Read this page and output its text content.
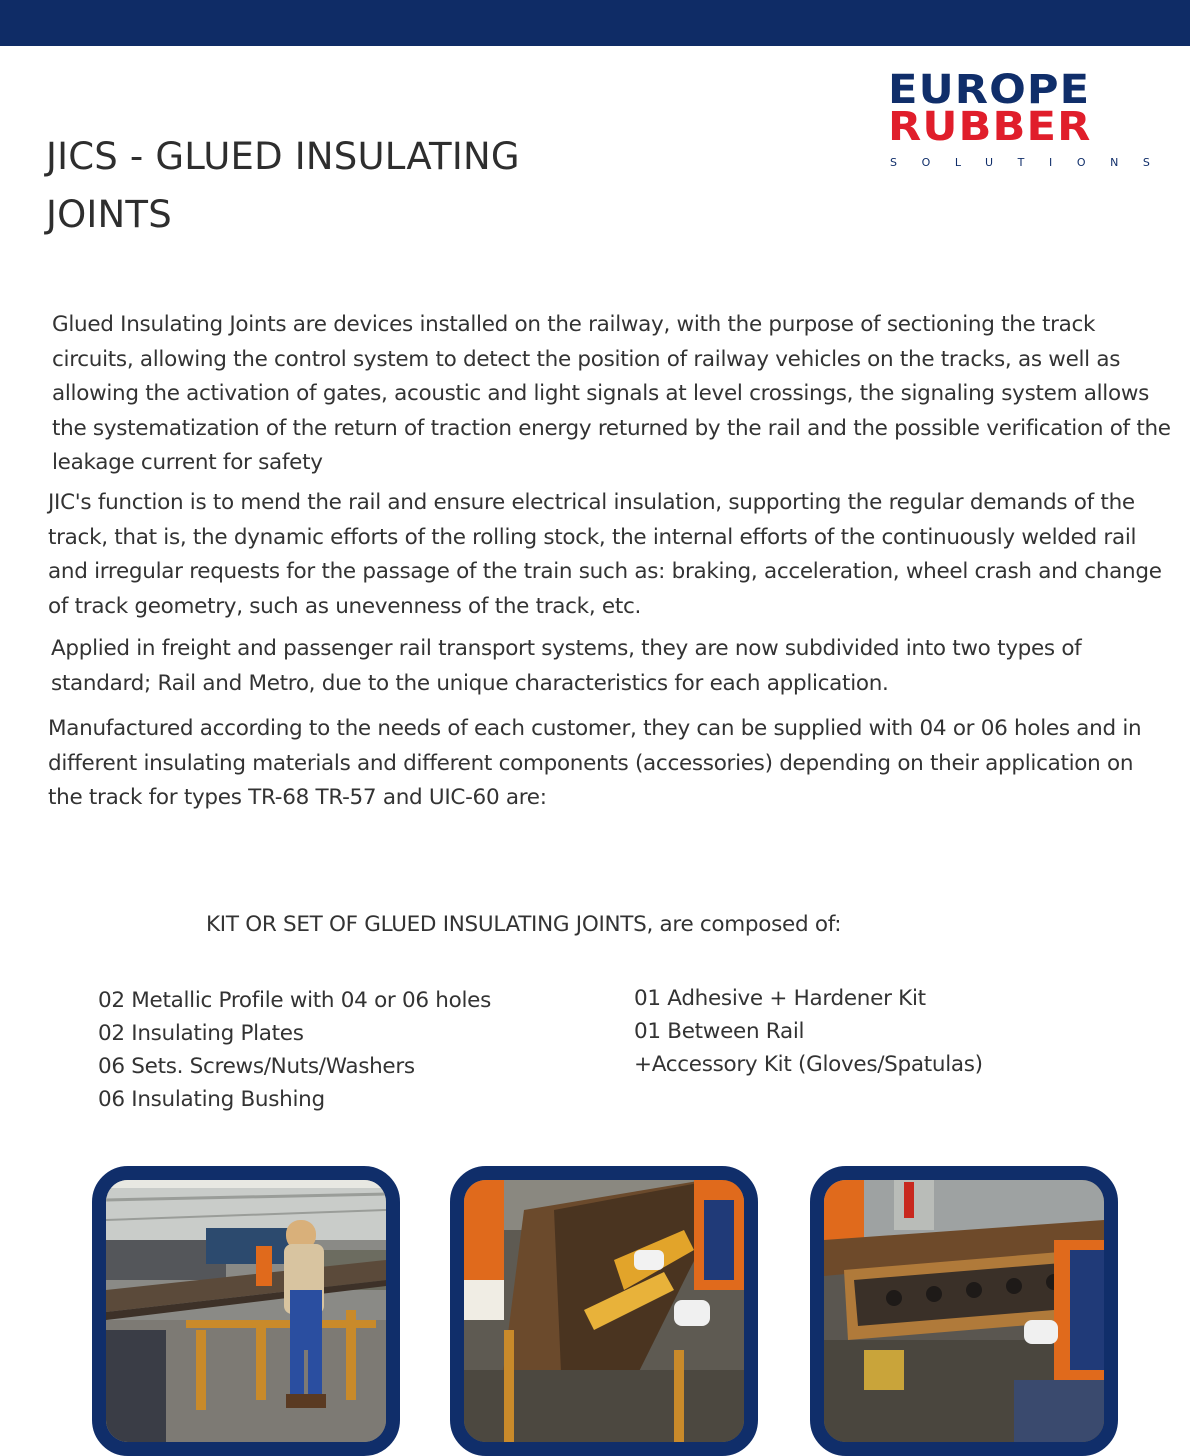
EUROPE
RUBBER
SOLUTIONS
JICS - GLUED INSULATING JOINTS

Glued Insulating Joints are devices installed on the railway, with the purpose of sectioning the track circuits, allowing the control system to detect the position of railway vehicles on the tracks, as well as allowing the activation of gates, acoustic and light signals at level crossings, the signaling system allows the systematization of the return of traction energy returned by the rail and the possible verification of the leakage current for safety

JIC's function is to mend the rail and ensure electrical insulation, supporting the regular demands of the track, that is, the dynamic efforts of the rolling stock, the internal efforts of the continuously welded rail and irregular requests for the passage of the train such as: braking, acceleration, wheel crash and change of track geometry, such as unevenness of the track, etc.

Applied in freight and passenger rail transport systems, they are now subdivided into two types of standard; Rail and Metro, due to the unique characteristics for each application.

Manufactured according to the needs of each customer, they can be supplied with 04 or 06 holes and in different insulating materials and different components (accessories) depending on their application on the track for types TR-68 TR-57 and UIC-60 are:

KIT OR SET OF GLUED INSULATING JOINTS, are composed of:

02 Metallic Profile with 04 or 06 holes
02 Insulating Plates
06 Sets. Screws/Nuts/Washers
06 Insulating Bushing
01 Adhesive + Hardener Kit
01 Between Rail
+Accessory Kit (Gloves/Spatulas)
